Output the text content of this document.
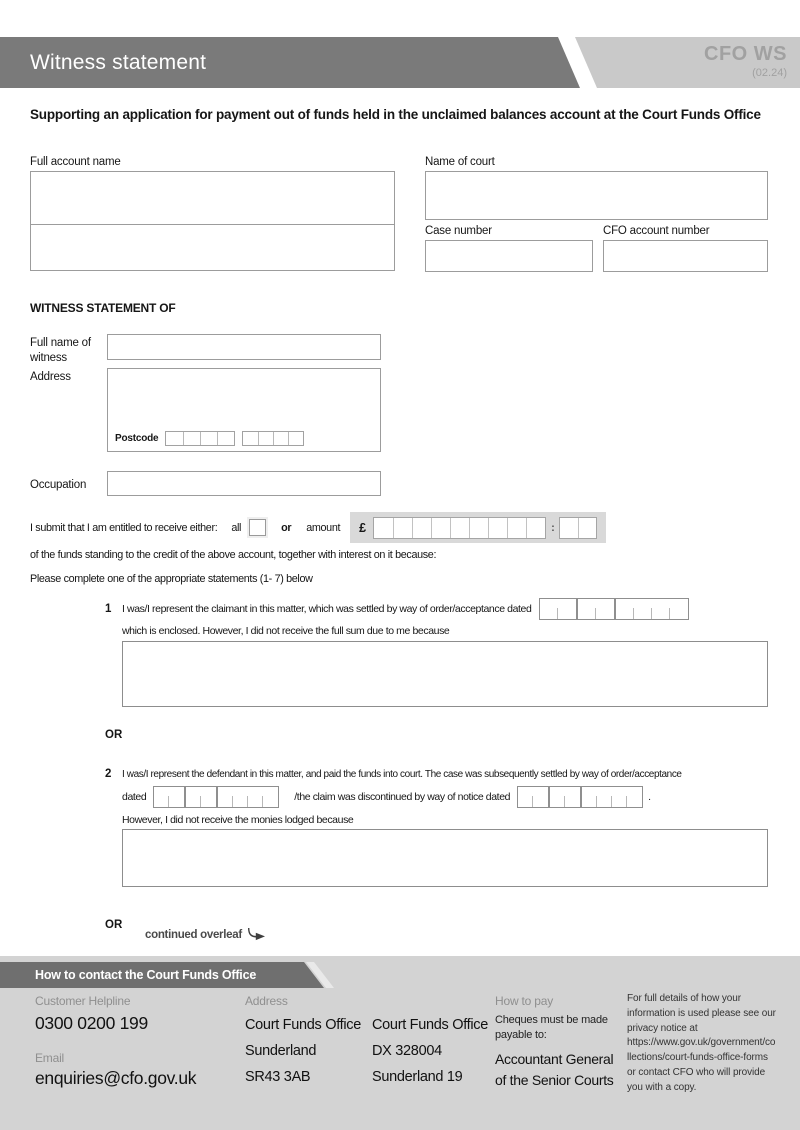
Witness statement	CFO WS
(02.24)
Supporting an application for payment out of funds held in the unclaimed balances account at the Court Funds Office
Full account name	Name of court
Case number	CFO account number
WITNESS STATEMENT OF
Full name of witness
Address
Postcode
Occupation
I submit that I am entitled to receive either: all	or amount £	:
of the funds standing to the credit of the above account, together with interest on it because:
Please complete one of the appropriate statements (1- 7) below
1	I was/I represent the claimant in this matter, which was settled by way of order/acceptance dated
which is enclosed. However, I did not receive the full sum due to me because
OR
2	I was/I represent the defendant in this matter, and paid the funds into court. The case was subsequently settled by way of order/acceptance
dated	/the claim was discontinued by way of notice dated	.
However, I did not receive the monies lodged because
OR
continued overleaf
How to contact the Court Funds Office
Customer Helpline
0300 0200 199
Email
enquiries@cfo.gov.uk
Address
Court Funds Office
Sunderland
SR43 3AB
Court Funds Office
DX 328004
Sunderland 19
How to pay
Cheques must be made payable to:
Accountant General of the Senior Courts
For full details of how your information is used please see our privacy notice at https://www.gov.uk/government/collections/court-funds-office-forms or contact CFO who will provide you with a copy.
